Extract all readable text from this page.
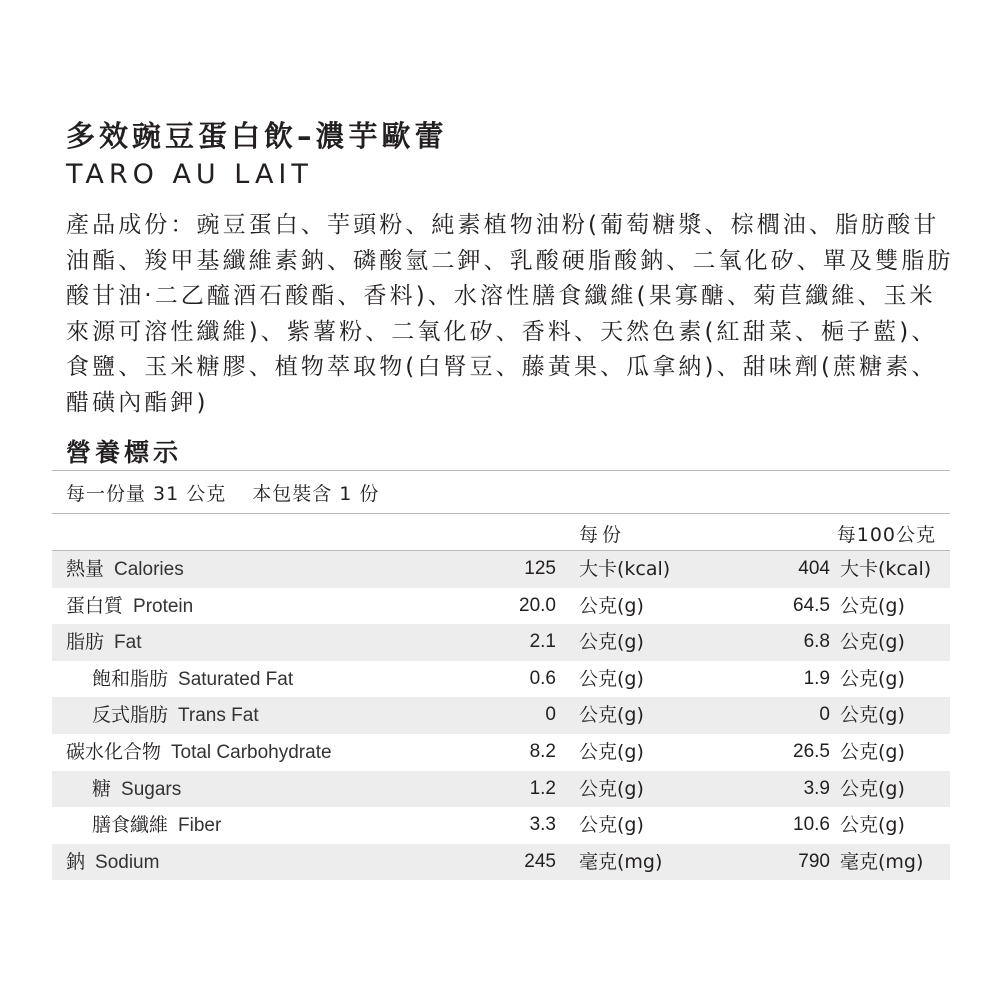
多效豌豆蛋白飲–濃芋歐蕾
TARO AU LAIT
產品成份：豌豆蛋白、芋頭粉、純素植物油粉(葡萄糖漿、棕櫚油、脂肪酸甘油酯、羧甲基纖維素鈉、磷酸氫二鉀、乳酸硬脂酸鈉、二氧化矽、單及雙脂肪酸甘油‧二乙醯酒石酸酯、香料)、水溶性膳食纖維(果寡醣、菊苣纖維、玉米來源可溶性纖維)、紫薯粉、二氧化矽、香料、天然色素(紅甜菜、梔子藍)、食鹽、玉米糖膠、植物萃取物(白腎豆、藤黃果、瓜拿納)、甜味劑(蔗糖素、醋磺內酯鉀)
營養標示
每一份量 31 公克 本包裝含 1 份
每份	每100公克
熱量 Calories	125 大卡(kcal)	404 大卡(kcal)
蛋白質 Protein	20.0 公克(g)	64.5 公克(g)
脂肪 Fat	2.1 公克(g)	6.8 公克(g)
飽和脂肪 Saturated Fat	0.6 公克(g)	1.9 公克(g)
反式脂肪 Trans Fat	0 公克(g)	0 公克(g)
碳水化合物 Total Carbohydrate	8.2 公克(g)	26.5 公克(g)
糖 Sugars	1.2 公克(g)	3.9 公克(g)
膳食纖維 Fiber	3.3 公克(g)	10.6 公克(g)
鈉 Sodium	245 毫克(mg)	790 毫克(mg)
